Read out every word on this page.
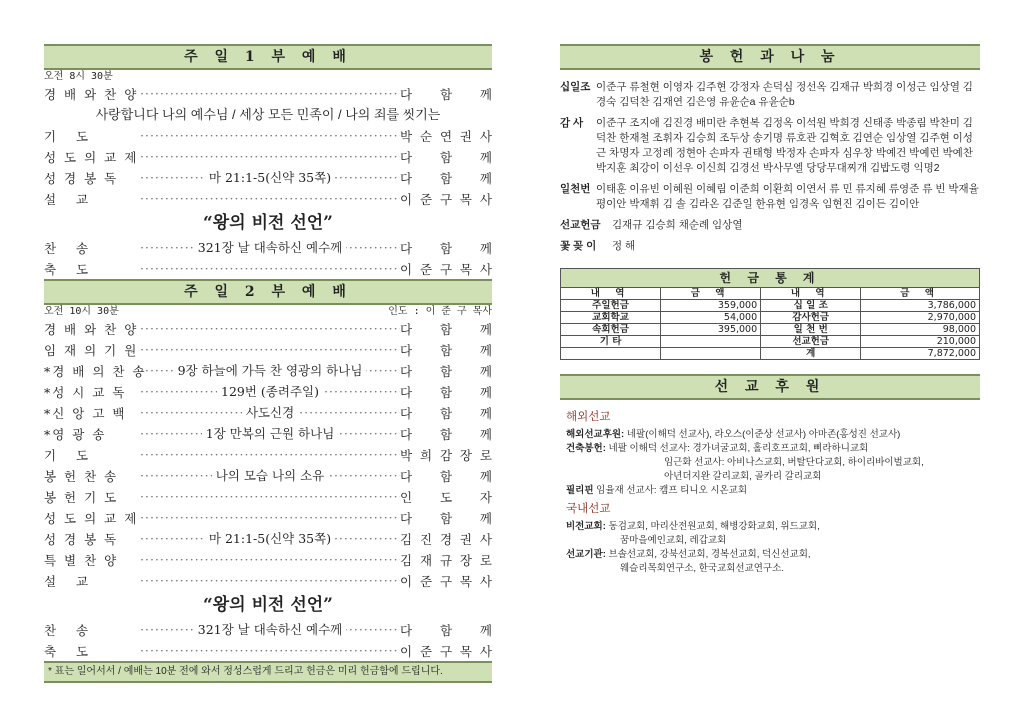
주 일 1 부 예 배
오전 8시 30분
경 배 와 찬 양 ·····	다 함 께
사랑합니다 나의 예수님 / 세상 모든 민족이 / 나의 죄를 씻기는
기 도 ·····	박 순 연 권 사
성 도 의 교 제 ·····	다 함 께
성 경 봉 독	····· 마 21:1-5(신약 35쪽)	다 함 께
설 교 ·····	이 준 구 목 사
“왕의 비전 선언”
찬 송	····· 321장 날 대속하신 예수께	다 함 께
축 도 ·····	이 준 구 목 사
주 일 2 부 예 배
오전 10시 30분	인도 : 이 준 구 목사
경 배 와 찬 양 ·····	다 함 께
임 재 의 기 원 ·····	다 함 께
*경 배 의 찬 송	····· 9장 하늘에 가득 찬 영광의 하나님	다 함 께
*성 시 교 독	····· 129번 (종려주일)	다 함 께
*신 앙 고 백	····· 사도신경	다 함 께
*영 광 송	····· 1장 만복의 근원 하나님	다 함 께
기 도 ·····	박 희 감 장 로
봉 헌 찬 송	····· 나의 모습 나의 소유	다 함 께
봉 헌 기 도 ·····	인 도 자
성 도 의 교 제 ·····	다 함 께
성 경 봉 독	····· 마 21:1-5(신약 35쪽)	김 진 경 권 사
특 별 찬 양 ·····	김 재 규 장 로
설 교 ·····	이 준 구 목 사
“왕의 비전 선언”
찬 송	····· 321장 날 대속하신 예수께	다 함 께
축 도 ·····	이 준 구 목 사
* 표는 일어서서 / 예배는 10분 전에 와서 정성스럽게 드리고 헌금은 미리 헌금함에 드립니다.
봉 헌 과 나 눔
십일조 이준구 류철현 이영자 김주현 강정자 손덕심 정선옥 김재규 박희경 이성근 임상열 김경숙 김덕찬 김재연 김은영 유윤순a 유윤순b
감 사	이준구 조지애 김진경 배미란 추현복 김정옥 이석원 박희경 신태종 박종림 박찬미 김덕찬 한재철 조휘자 김승희 조두상 송기명 류호관 김혁호 김연순 임상열 김주현 이성근 차명자 고정례 정현아 손파자 권태형 박정자 손파자 심우창 박예건 박예런 박예찬 박지훈 최강이 이선우 이신희 김경선 박사무엘 당당무대찌개 김밥도령 익명2
일천번 이태훈 이유빈 이혜원 이혜림 이준희 이환희 이연서 류 민 류지혜 류영준 류 빈 박재율 평이안 박재휘 김 솔 김라온 김준일 한유현 임경옥 임현진 김이든 김이안
선교헌금	김재규 김승희 채순례 임상열
꽃 꽂 이	정 해
헌 금 통 계			
내 역	금 액	내 역	금 액
주일헌금	359,000	십 일 조	3,786,000
교회학교	54,000	감사헌금	2,970,000
속회헌금	395,000	일 천 번	98,000
기 타		선교헌금	210,000
		계	7,872,000
선 교 후 원
해외선교
해외선교후원: 네팔(이해덕 선교사), 라오스(이준상 선교사) 아마존(홍성진 선교사)
건축봉헌: 네팔 이해덕 선교사: 경가녀굴교회, 홀리호프교회, 삐라하니교회
임근화 선교사: 아비나스교회, 버탈단다교회, 하이리바이벌교회,
아년더지완 갈리교회, 골카리 갈리교회
필리핀 임율재 선교사: 캠프 티니오 시온교회
국내선교
비전교회: 동검교회, 마리산전원교회, 해병강화교회, 위드교회,
꿈마을예인교회, 레갑교회
선교기관: 브솔선교회, 강북선교회, 경복선교회, 덕신선교회,
웨슬리목회연구소, 한국교회선교연구소.
